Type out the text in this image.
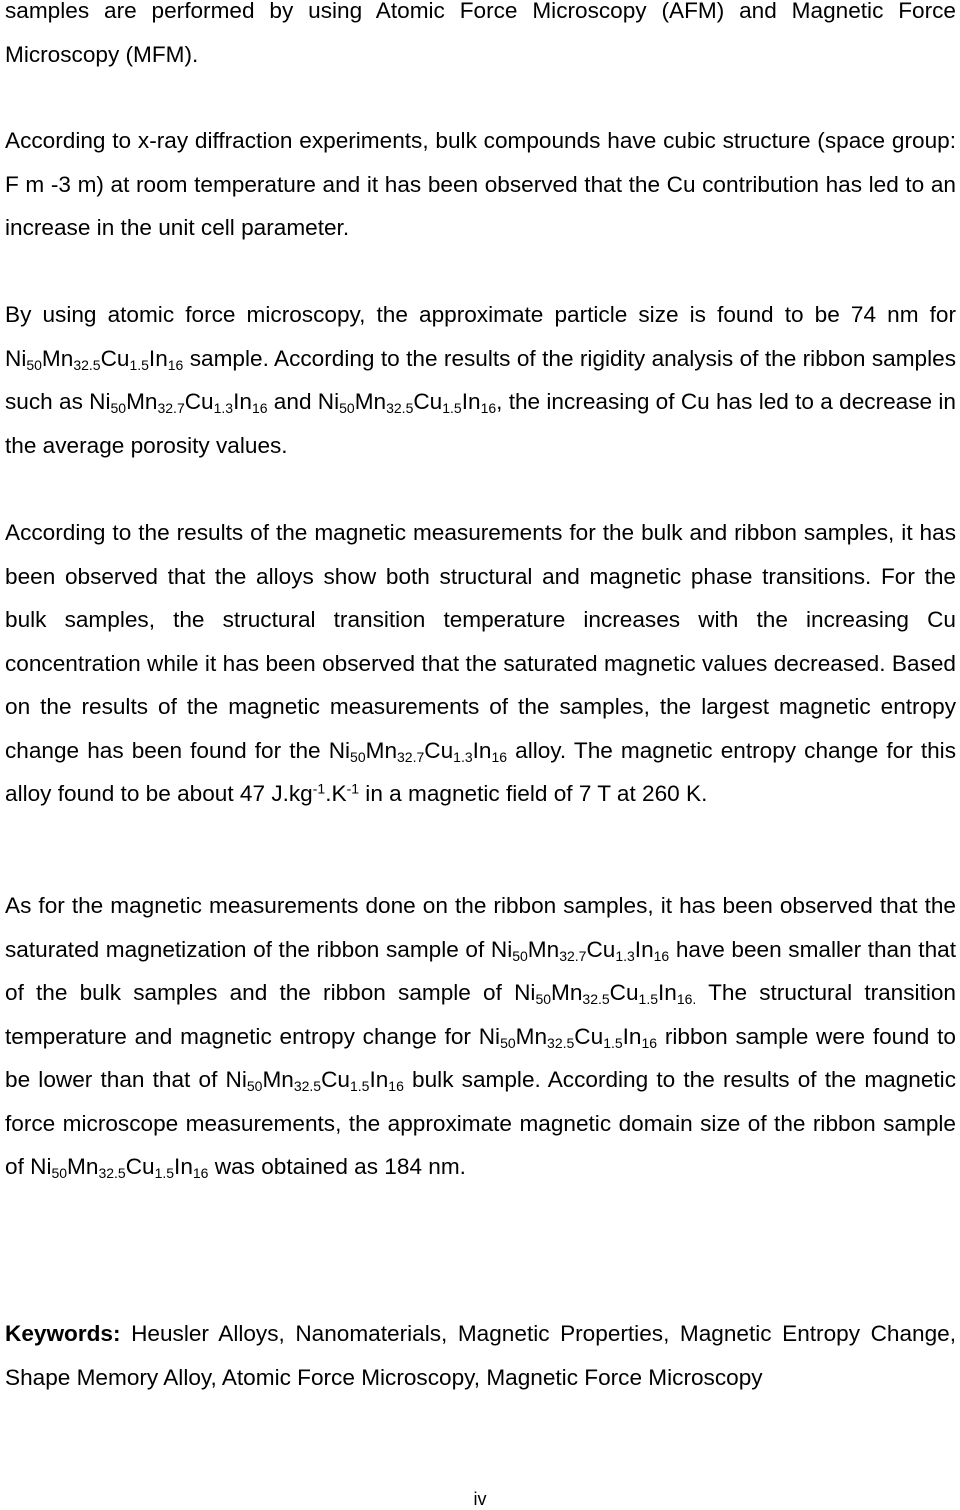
samples are performed by using Atomic Force Microscopy (AFM) and Magnetic Force Microscopy (MFM).

According to x-ray diffraction experiments, bulk compounds have cubic structure (space group: F m -3 m) at room temperature and it has been observed that the Cu contribution has led to an increase in the unit cell parameter.

By using atomic force microscopy, the approximate particle size is found to be 74 nm for $Ni_{50}Mn_{32.5}Cu_{1.5}In_{16}$ sample. According to the results of the rigidity analysis of the ribbon samples such as $Ni_{50}Mn_{32.7}Cu_{1.3}In_{16}$ and $Ni_{50}Mn_{32.5}Cu_{1.5}In_{16}$, the increasing of Cu has led to a decrease in the average porosity values.

According to the results of the magnetic measurements for the bulk and ribbon samples, it has been observed that the alloys show both structural and magnetic phase transitions. For the bulk samples, the structural transition temperature increases with the increasing Cu concentration while it has been observed that the saturated magnetic values decreased. Based on the results of the magnetic measurements of the samples, the largest magnetic entropy change has been found for the $Ni_{50}Mn_{32.7}Cu_{1.3}In_{16}$ alloy. The magnetic entropy change for this alloy found to be about 47 $J.kg^{-1}.K^{-1}$ in a magnetic field of 7 T at 260 K.

As for the magnetic measurements done on the ribbon samples, it has been observed that the saturated magnetization of the ribbon sample of $Ni_{50}Mn_{32.7}Cu_{1.3}In_{16}$ have been smaller than that of the bulk samples and the ribbon sample of $Ni_{50}Mn_{32.5}Cu_{1.5}In_{16.}$ The structural transition temperature and magnetic entropy change for $Ni_{50}Mn_{32.5}Cu_{1.5}In_{16}$ ribbon sample were found to be lower than that of $Ni_{50}Mn_{32.5}Cu_{1.5}In_{16}$ bulk sample. According to the results of the magnetic force microscope measurements, the approximate magnetic domain size of the ribbon sample of $Ni_{50}Mn_{32.5}Cu_{1.5}In_{16}$ was obtained as 184 nm.

Keywords: Heusler Alloys, Nanomaterials, Magnetic Properties, Magnetic Entropy Change, Shape Memory Alloy, Atomic Force Microscopy, Magnetic Force Microscopy

iv
